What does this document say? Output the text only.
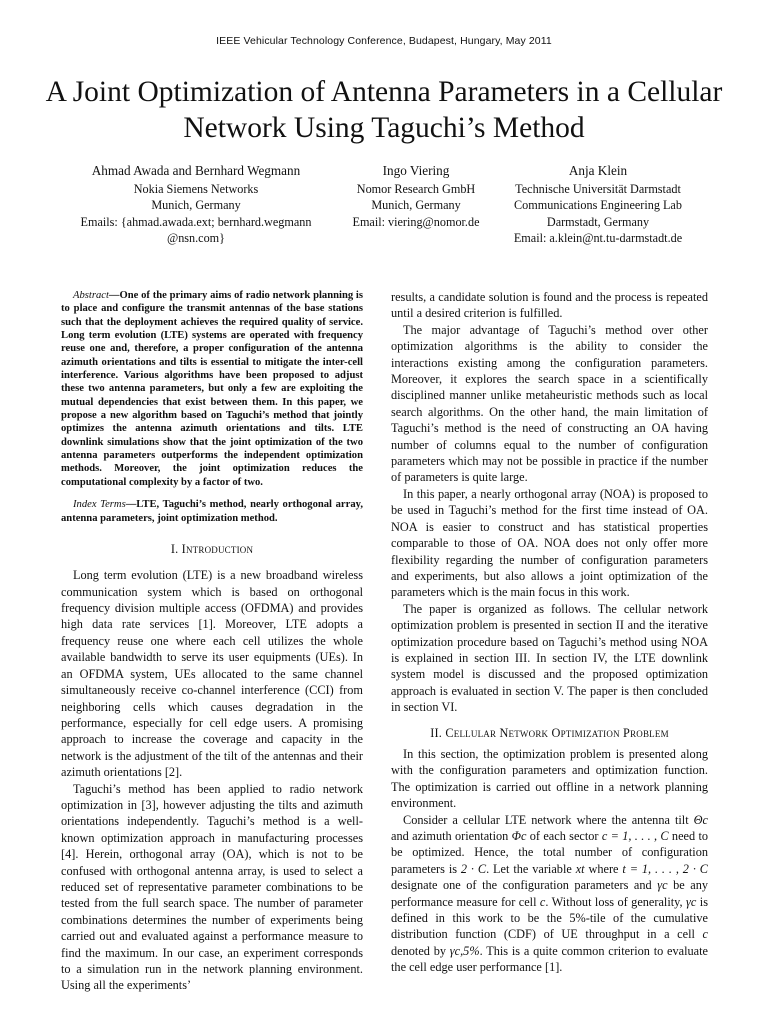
IEEE Vehicular Technology Conference, Budapest, Hungary, May 2011
A Joint Optimization of Antenna Parameters in a Cellular Network Using Taguchi’s Method
Ahmad Awada and Bernhard Wegmann
Nokia Siemens Networks
Munich, Germany
Emails: {ahmad.awada.ext; bernhard.wegmann
@nsn.com}
Ingo Viering
Nomor Research GmbH
Munich, Germany
Email: viering@nomor.de
Anja Klein
Technische Universität Darmstadt
Communications Engineering Lab
Darmstadt, Germany
Email: a.klein@nt.tu-darmstadt.de

Abstract—One of the primary aims of radio network planning is to place and configure the transmit antennas of the base stations such that the deployment achieves the required quality of service. Long term evolution (LTE) systems are operated with frequency reuse one and, therefore, a proper configuration of the antenna azimuth orientations and tilts is essential to mitigate the inter-cell interference. Various algorithms have been proposed to adjust these two antenna parameters, but only a few are exploiting the mutual dependencies that exist between them. In this paper, we propose a new algorithm based on Taguchi’s method that jointly optimizes the antenna azimuth orientations and tilts. LTE downlink simulations show that the joint optimization of the two antenna parameters outperforms the independent optimization methods. Moreover, the joint optimization reduces the computational complexity by a factor of two.

Index Terms—LTE, Taguchi’s method, nearly orthogonal array, antenna parameters, joint optimization method.

I. Introduction

Long term evolution (LTE) is a new broadband wireless communication system which is based on orthogonal frequency division multiple access (OFDMA) and provides high data rate services [1]. Moreover, LTE adopts a frequency reuse one where each cell utilizes the whole available bandwidth to serve its user equipments (UEs). In an OFDMA system, UEs allocated to the same channel simultaneously receive co-channel interference (CCI) from neighboring cells which causes degradation in the performance, especially for cell edge users. A promising approach to increase the coverage and capacity in the network is the adjustment of the tilt of the antennas and their azimuth orientations [2].

Taguchi’s method has been applied to radio network optimization in [3], however adjusting the tilts and azimuth orientations independently. Taguchi’s method is a well-known optimization approach in manufacturing processes [4]. Herein, orthogonal array (OA), which is not to be confused with orthogonal antenna array, is used to select a reduced set of representative parameter combinations to be tested from the full search space. The number of parameter combinations determines the number of experiments being carried out and evaluated against a performance measure to find the maximum. In our case, an experiment corresponds to a simulation run in the network planning environment. Using all the experiments’

results, a candidate solution is found and the process is repeated until a desired criterion is fulfilled.

The major advantage of Taguchi’s method over other optimization algorithms is the ability to consider the interactions existing among the configuration parameters. Moreover, it explores the search space in a scientifically disciplined manner unlike metaheuristic methods such as local search algorithms. On the other hand, the main limitation of Taguchi’s method is the need of constructing an OA having number of columns equal to the number of configuration parameters which may not be possible in practice if the number of parameters is quite large.

In this paper, a nearly orthogonal array (NOA) is proposed to be used in Taguchi’s method for the first time instead of OA. NOA is easier to construct and has statistical properties comparable to those of OA. NOA does not only offer more flexibility regarding the number of configuration parameters and experiments, but also allows a joint optimization of the parameters which is the main focus in this work.

The paper is organized as follows. The cellular network optimization problem is presented in section II and the iterative optimization procedure based on Taguchi’s method using NOA is explained in section III. In section IV, the LTE downlink system model is discussed and the proposed optimization approach is evaluated in section V. The paper is then concluded in section VI.

II. Cellular Network Optimization Problem

In this section, the optimization problem is presented along with the configuration parameters and optimization function. The optimization is carried out offline in a network planning environment.

Consider a cellular LTE network where the antenna tilt Θc and azimuth orientation Φc of each sector c = 1, . . . , C need to be optimized. Hence, the total number of configuration parameters is 2 · C. Let the variable xt where t = 1, . . . , 2 · C designate one of the configuration parameters and γc be any performance measure for cell c. Without loss of generality, γc is defined in this work to be the 5%-tile of the cumulative distribution function (CDF) of UE throughput in a cell c denoted by γc,5%. This is a quite common criterion to evaluate the cell edge user performance [1].
